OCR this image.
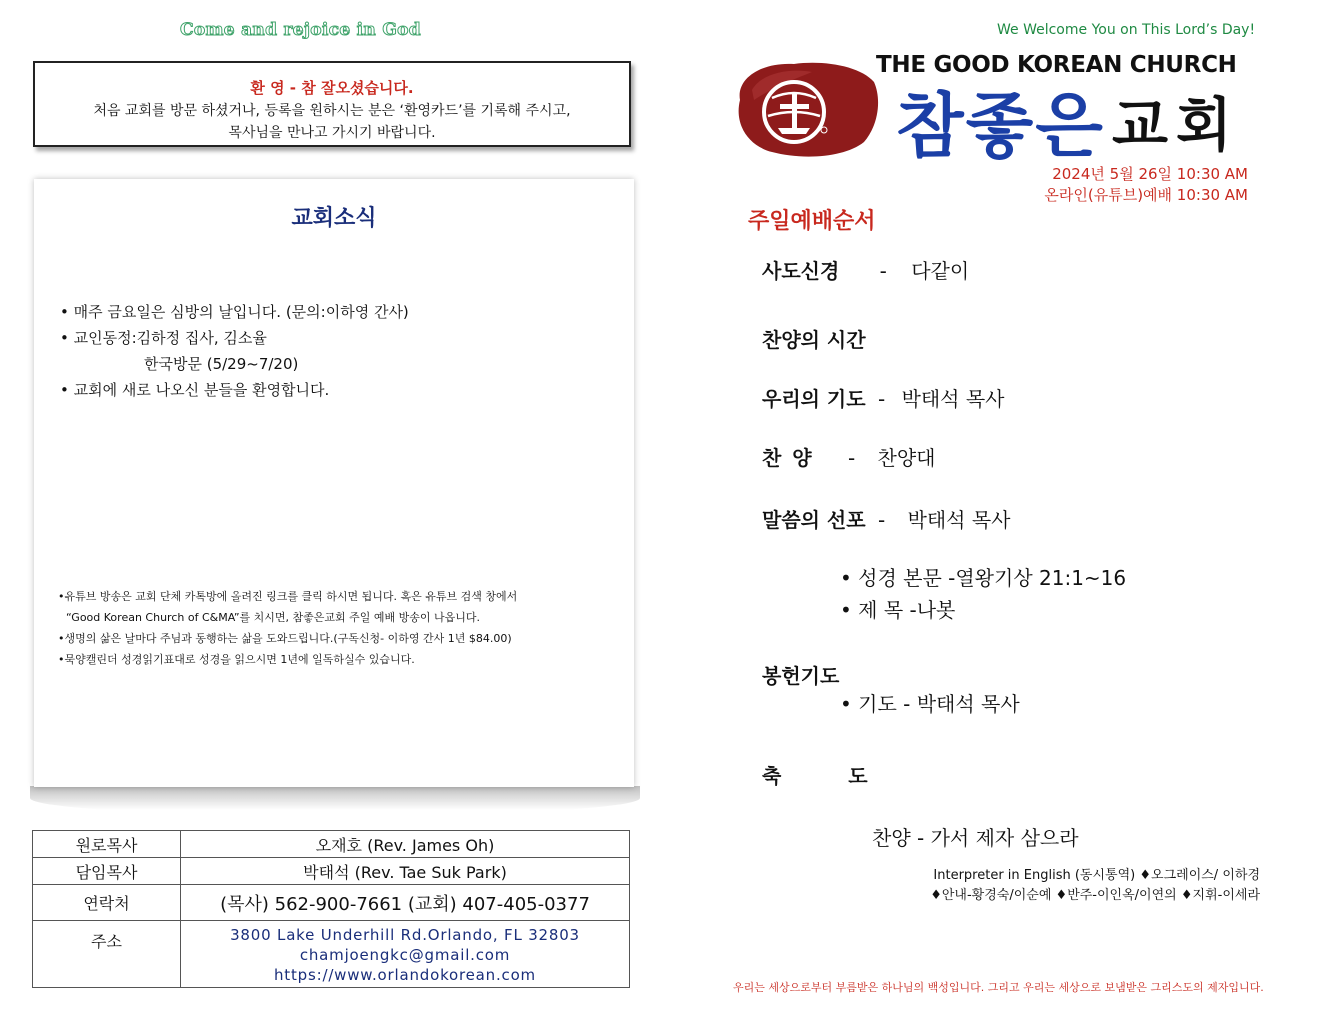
Come and rejoice in God
환 영 - 참 잘오셨습니다.
처음 교회를 방문 하셨거나, 등록을 원하시는 분은 ‘환영카드’를 기록해 주시고,
목사님을 만나고 가시기 바랍니다.
교회소식
• 매주 금요일은 심방의 날입니다. (문의:이하영 간사)
• 교인동정:김하정 집사, 김소율
한국방문 (5/29~7/20)
• 교회에 새로 나오신 분들을 환영합니다.
•유튜브 방송은 교회 단체 카톡방에 올려진 링크를 클릭 하시면 됩니다. 혹은 유튜브 검색 창에서
“Good Korean Church of C&MA”를 치시면, 참좋은교회 주일 예배 방송이 나옵니다.
•생명의 삶은 날마다 주님과 동행하는 삶을 도와드립니다.(구독신청- 이하영 간사 1년 $84.00)
•묵양캘린더 성경읽기표대로 성경을 읽으시면 1년에 일독하실수 있습니다.
원로목사	오재호 (Rev. James Oh)
담임목사	박태석 (Rev. Tae Suk Park)
연락처	(목사) 562-900-7661 (교회) 407-405-0377
주소	3800 Lake Underhill Rd.Orlando, FL 32803
chamjoengkc@gmail.com
https://www.orlandokorean.com
We Welcome You on This Lord’s Day!
THE GOOD KOREAN CHURCH
참좋은 교회
2024년 5월 26일 10:30 AM
온라인(유튜브)예배 10:30 AM
주일예배순서
사도신경 - 다같이
찬양의 시간
우리의 기도 - 박태석 목사
찬 양 - 찬양대
말씀의 선포 - 박태석 목사
• 성경 본문 -열왕기상 21:1~16
• 제 목 -나봇
봉헌기도
• 기도 - 박태석 목사
축 도
찬양 - 가서 제자 삼으라
Interpreter in English (동시통역) ♦오그레이스/ 이하경
♦안내-황경숙/이순예 ♦반주-이인옥/이연의 ♦지휘-이세라
우리는 세상으로부터 부름받은 하나님의 백성입니다. 그리고 우리는 세상으로 보냄받은 그리스도의 제자입니다.
